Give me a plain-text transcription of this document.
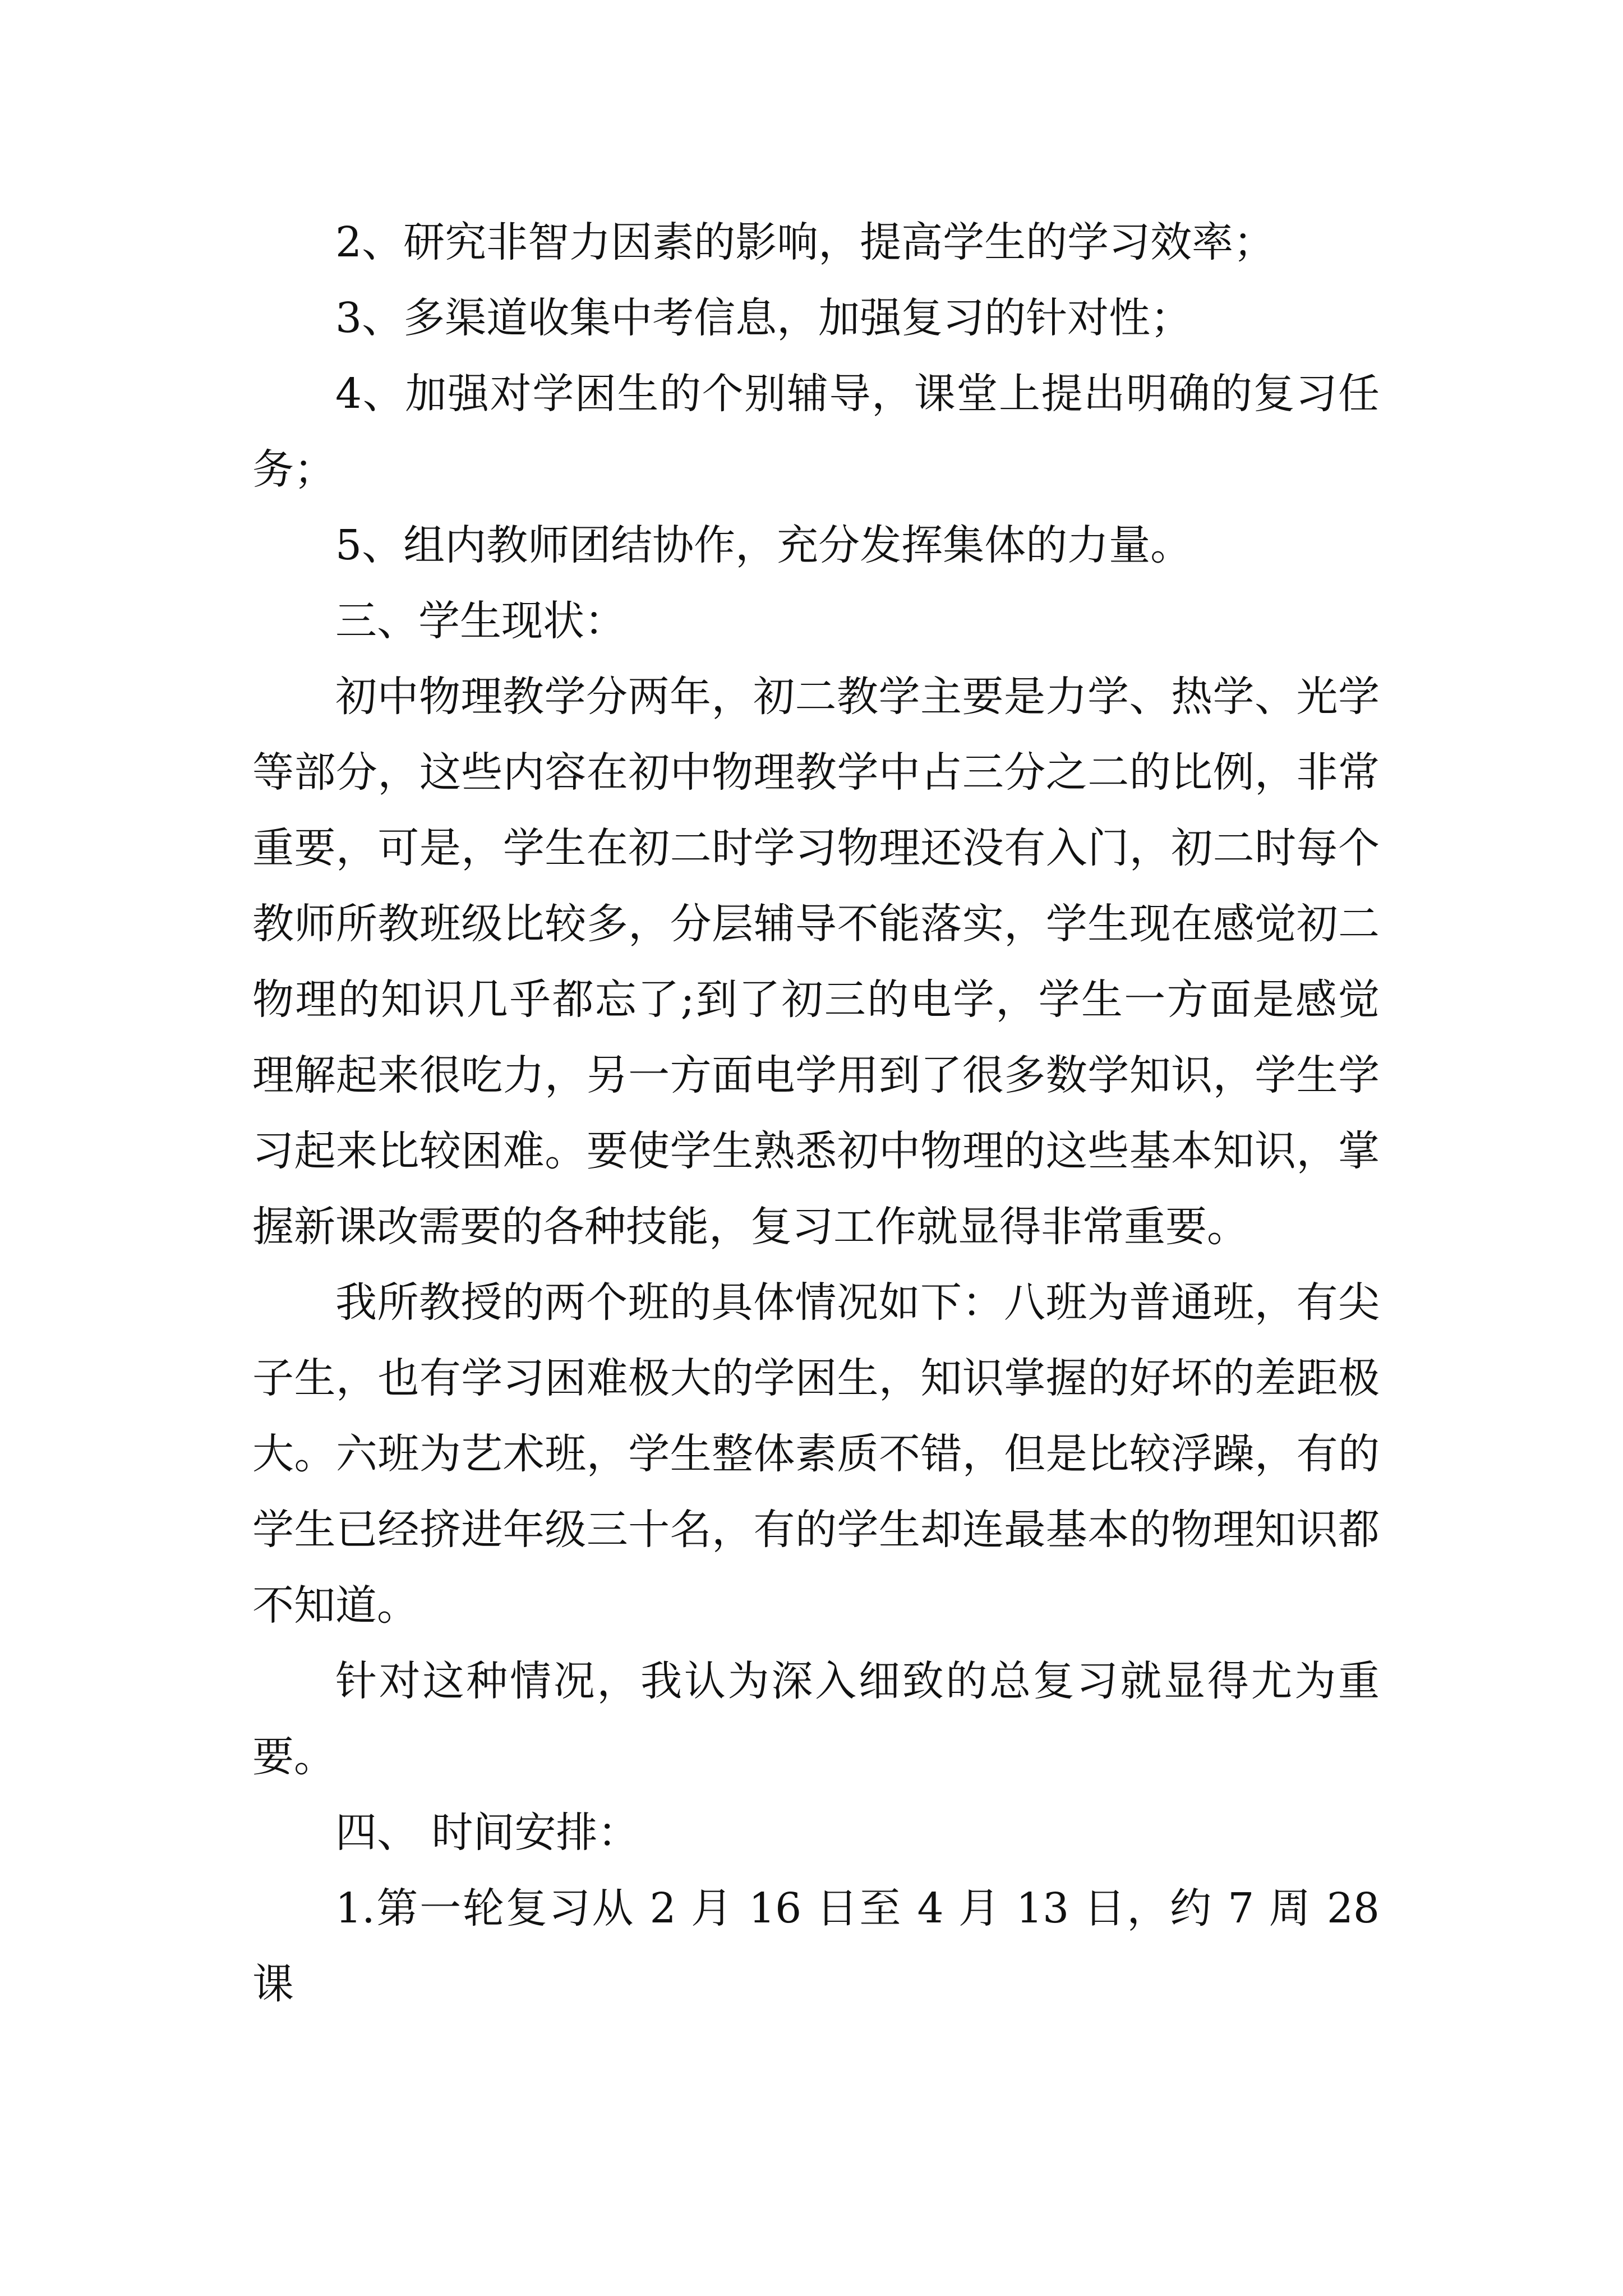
2、研究非智力因素的影响，提高学生的学习效率；

3、多渠道收集中考信息，加强复习的针对性；

4、加强对学困生的个别辅导，课堂上提出明确的复习任务；

5、组内教师团结协作，充分发挥集体的力量。

三、学生现状：

初中物理教学分两年，初二教学主要是力学、热学、光学等部分，这些内容在初中物理教学中占三分之二的比例，非常重要，可是，学生在初二时学习物理还没有入门，初二时每个教师所教班级比较多，分层辅导不能落实，学生现在感觉初二物理的知识几乎都忘了;到了初三的电学，学生一方面是感觉理解起来很吃力，另一方面电学用到了很多数学知识，学生学习起来比较困难。要使学生熟悉初中物理的这些基本知识，掌握新课改需要的各种技能，复习工作就显得非常重要。

我所教授的两个班的具体情况如下：八班为普通班，有尖子生，也有学习困难极大的学困生，知识掌握的好坏的差距极大。六班为艺术班，学生整体素质不错，但是比较浮躁，有的学生已经挤进年级三十名，有的学生却连最基本的物理知识都不知道。

针对这种情况，我认为深入细致的总复习就显得尤为重要。

四、 时间安排：

1.第一轮复习从 2 月 16 日至 4 月 13 日，约 7 周 28 课
